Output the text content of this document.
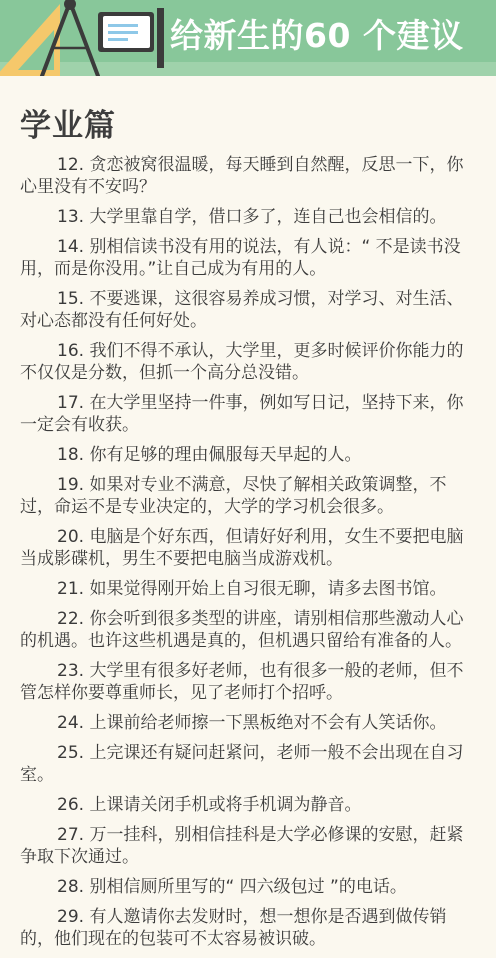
给新生的60 个建议
学业篇

12. 贪恋被窝很温暖，每天睡到自然醒，反思一下，你心里没有不安吗？

13. 大学里靠自学，借口多了，连自己也会相信的。

14. 别相信读书没有用的说法，有人说：“ 不是读书没用，而是你没用。”让自己成为有用的人。

15. 不要逃课，这很容易养成习惯，对学习、对生活、对心态都没有任何好处。

16. 我们不得不承认，大学里，更多时候评价你能力的不仅仅是分数，但抓一个高分总没错。

17. 在大学里坚持一件事，例如写日记，坚持下来，你一定会有收获。

18. 你有足够的理由佩服每天早起的人。

19. 如果对专业不满意，尽快了解相关政策调整，不过，命运不是专业决定的，大学的学习机会很多。

20. 电脑是个好东西，但请好好利用，女生不要把电脑当成影碟机，男生不要把电脑当成游戏机。

21. 如果觉得刚开始上自习很无聊，请多去图书馆。

22. 你会听到很多类型的讲座，请别相信那些激动人心的机遇。也许这些机遇是真的，但机遇只留给有准备的人。

23. 大学里有很多好老师，也有很多一般的老师，但不管怎样你要尊重师长，见了老师打个招呼。

24. 上课前给老师擦一下黑板绝对不会有人笑话你。

25. 上完课还有疑问赶紧问，老师一般不会出现在自习室。

26. 上课请关闭手机或将手机调为静音。

27. 万一挂科，别相信挂科是大学必修课的安慰，赶紧争取下次通过。

28. 别相信厕所里写的“ 四六级包过 ”的电话。

29. 有人邀请你去发财时，想一想你是否遇到做传销的，他们现在的包装可不太容易被识破。
